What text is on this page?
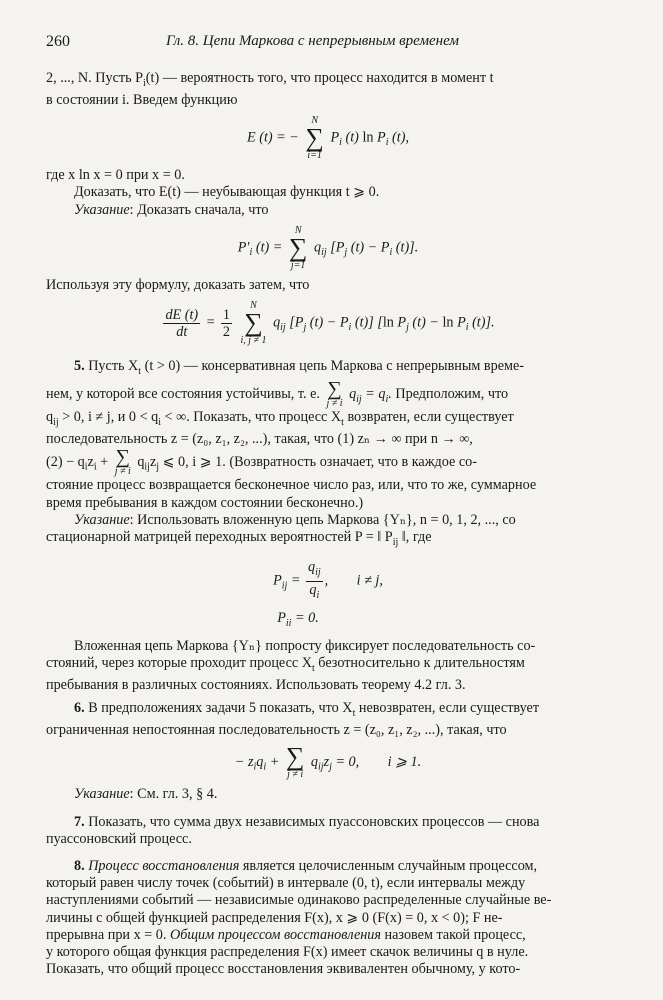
260	Гл. 8. Цепи Маркова с непрерывным временем

2, ..., N. Пусть $P_i(t)$ — вероятность того, что процесс находится в момент t

в состоянии i. Введем функцию

E (t) = −
N
∑
i=1
$P_i$ (t) $\ln P_i$ (t),

где x ln x = 0 при x = 0.

Доказать, что E(t) — неубывающая функция t ⩾ 0.

Указание: Доказать сначала, что

$P'_i$ (t) =
N
∑
j=1
$q_{ij}$ [$P_j$ $(t) - P_i$ (t)].

Используя эту формулу, доказать затем, что

$\frac{dE (t)}{dt} = \frac{1}{2}$

N
∑
i, j ≠ 1
$q_{ij}$ [$P_j$ $(t) - P_i$ (t)] [ln $P_j$ $(t) - \ln P_i$ (t)].

5. Пусть $X_t$ (t > 0) — консервативная цепь Маркова с непрерывным време-

нем, у которой все состояния устойчивы, т. е. ∑
j ≠ i
$q_{ij} = q_i$. Предположим, что

$q_{ij} > 0$, i ≠ j, и $0 < q_i$ < ∞. Показать, что процесс $X_t$ возвратен, если существует

последовательность z = (z₀, z₁, z₂, ...), такая, что (1) zₙ → ∞ при n → ∞,

$(2) - q_iz_i$ + ∑
j ≠ i
$q_{ij}z_j$ ⩽ 0, i ⩾ 1. (Возвратность означает, что в каждое со-

стояние процесс возвращается бесконечное число раз, или, что то же, суммарное

время пребывания в каждом состоянии бесконечно.)

Указание: Использовать вложенную цепь Маркова {Yₙ}, n = 0, 1, 2, ..., со

стационарной матрицей переходных вероятностей P = ‖ $P_{ij}$ ‖, где

$P_{ij} = \frac{q_{ij}}{q_i}$ ,        i ≠ j,
$P_{ii} = 0$.

Вложенная цепь Маркова {Yₙ} попросту фиксирует последовательность со-

стояний, через которые проходит процесс $X_t$ безотносительно к длительностям

пребывания в различных состояниях. Использовать теорему 4.2 гл. 3.

6. В предположениях задачи 5 показать, что $X_t$ невозвратен, если существует

ограниченная непостоянная последовательность z = (z₀, z₁, z₂, ...), такая, что

− $z_iq_i$ + ∑
j ≠ i
$q_{ij}z_j = 0$,        i ⩾ 1.

Указание: См. гл. 3, § 4.

7. Показать, что сумма двух независимых пуассоновских процессов — снова

пуассоновский процесс.

8. Процесс восстановления является целочисленным случайным процессом,

который равен числу точек (событий) в интервале (0, t), если интервалы между

наступлениями событий — независимые одинаково распределенные случайные ве-

личины с общей функцией распределения F(x), x ⩾ 0 (F(x) = 0, x < 0); F не-

прерывна при x = 0. Общим процессом восстановления назовем такой процесс,

у которого общая функция распределения F(x) имеет скачок величины q в нуле.

Показать, что общий процесс восстановления эквивалентен обычному, у кото-
